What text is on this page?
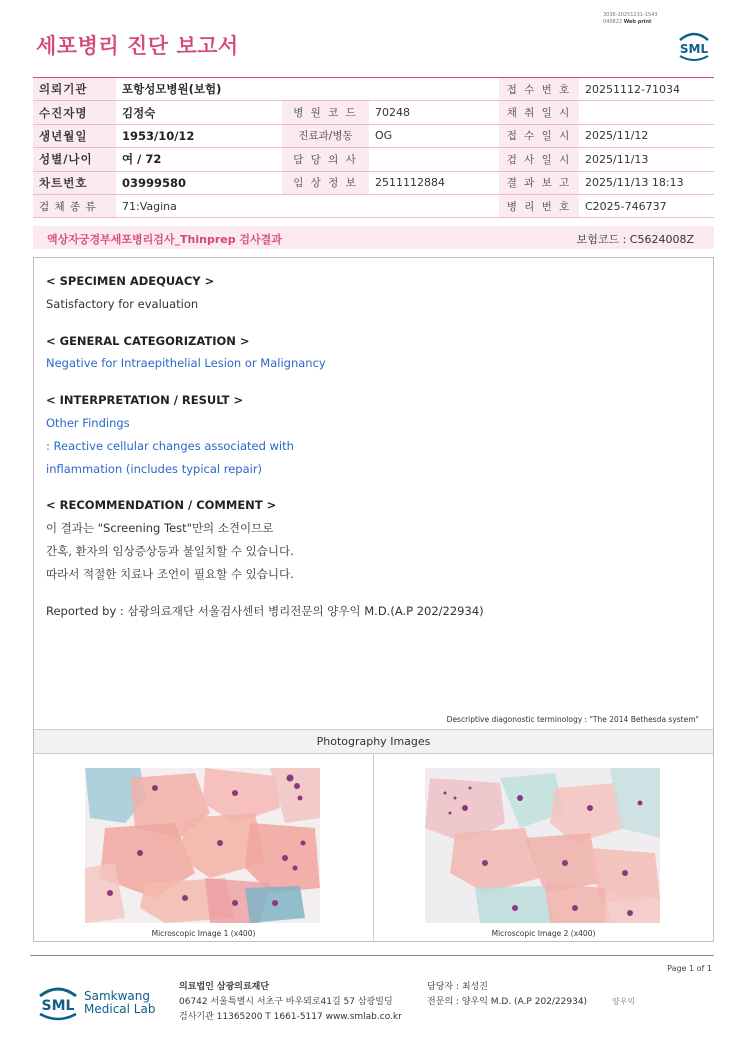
3036-20251231-1543
040822 Web print
세포병리 진단 보고서	SML
의뢰기관	포항성모병원(보험)			접 수 번 호	20251112-71034
수진자명	김정숙	병 원 코 드	70248	채 취 일 시	
생년월일	1953/10/12	진료과/병동	OG	접 수 일 시	2025/11/12
성별/나이	여 / 72	담 당 의 사		검 사 일 시	2025/11/13
차트번호	03999580	임 상 정 보	2511112884	결 과 보 고	2025/11/13 18:13
검 체 종 류	71:Vagina			병 리 번 호	C2025-746737
액상자궁경부세포병리검사_Thinprep 검사결과	보험코드 : C5624008Z
< SPECIMEN ADEQUACY >
Satisfactory for evaluation
< GENERAL CATEGORIZATION >
Negative for Intraepithelial Lesion or Malignancy
< INTERPRETATION / RESULT >
Other Findings
: Reactive cellular changes associated with
inflammation (includes typical repair)
< RECOMMENDATION / COMMENT >
이 결과는 "Screening Test"만의 소견이므로
간혹, 환자의 임상증상등과 불일치할 수 있습니다.
따라서 적절한 치료나 조언이 필요할 수 있습니다.
Reported by : 삼광의료재단 서울검사센터 병리전문의 양우익 M.D.(A.P 202/22934)
Descriptive diagonostic terminology : "The 2014 Bethesda system"
Photography Images
Microscopic Image 1 (x400)	Microscopic Image 2 (x400)
Page 1 of 1
SML
Samkwang
Medical Lab
의료법인 삼광의료재단
06742 서울특별시 서초구 바우뫼로41길 57 삼광빌딩
검사기관 11365200 T 1661-5117 www.smlab.co.kr
담당자 : 최성진
전문의 : 양우익 M.D. (A.P 202/22934)	양우익
